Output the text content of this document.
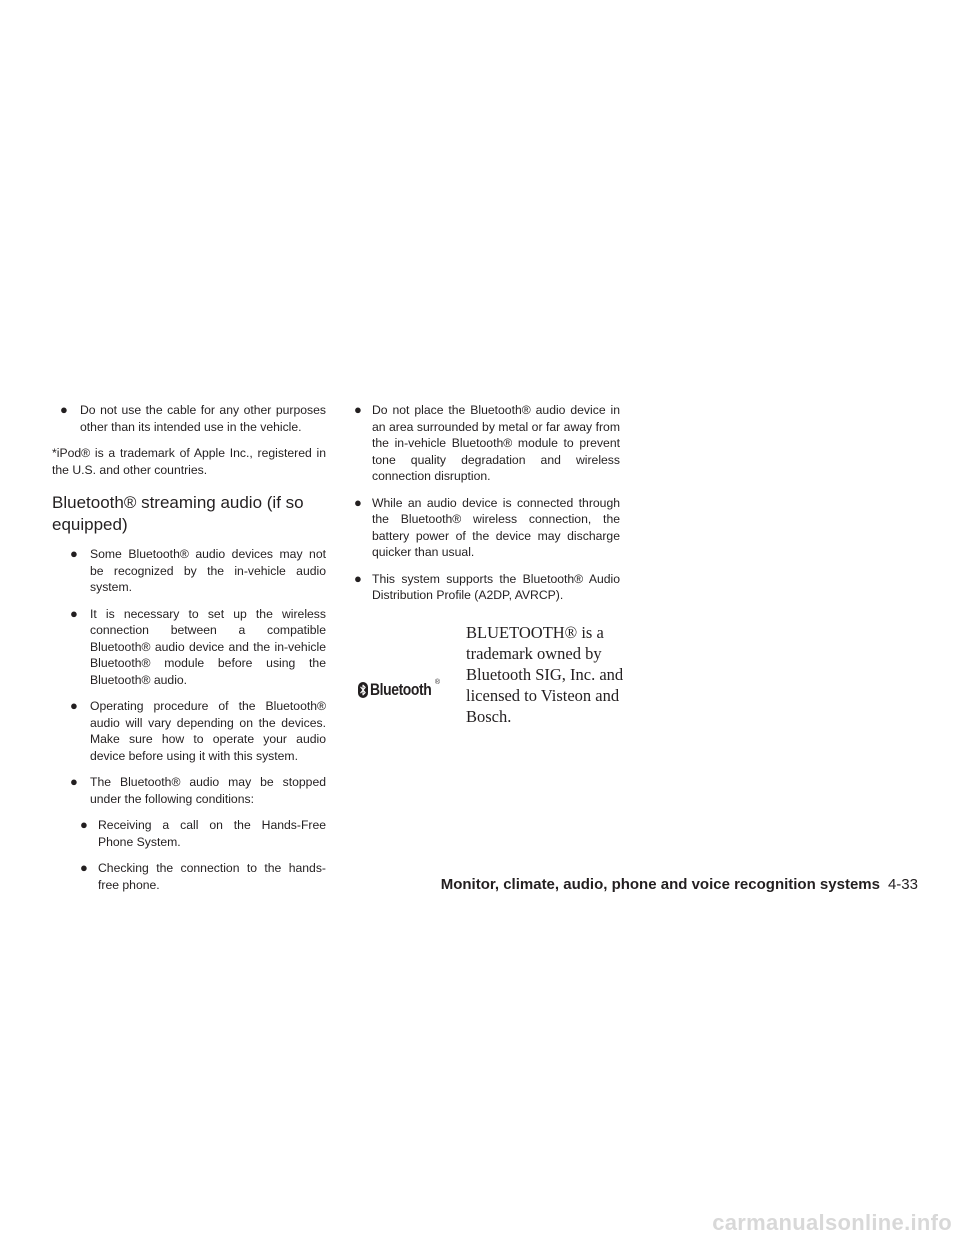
● Do not use the cable for any other purposes other than its intended use in the vehicle.

*iPod® is a trademark of Apple Inc., registered in the U.S. and other countries.

Bluetooth® streaming audio (if so equipped)
● Some Bluetooth® audio devices may not be recognized by the in-vehicle audio system.
● It is necessary to set up the wireless connection between a compatible Bluetooth® audio device and the in-vehicle Bluetooth® module before using the Bluetooth® audio.
● Operating procedure of the Bluetooth® audio will vary depending on the devices. Make sure how to operate your audio device before using it with this system.
● The Bluetooth® audio may be stopped under the following conditions:
● Receiving a call on the Hands-Free Phone System.
● Checking the connection to the hands-free phone.
● Do not place the Bluetooth® audio device in an area surrounded by metal or far away from the in-vehicle Bluetooth® module to prevent tone quality degradation and wireless connection disruption.
● While an audio device is connected through the Bluetooth® wireless connection, the battery power of the device may discharge quicker than usual.
● This system supports the Bluetooth® Audio Distribution Profile (A2DP, AVRCP).
Bluetooth ®
BLUETOOTH® is a trademark owned by Bluetooth SIG, Inc. and licensed to Visteon and Bosch.
Monitor, climate, audio, phone and voice recognition systems 4-33
carmanualsonline.info
